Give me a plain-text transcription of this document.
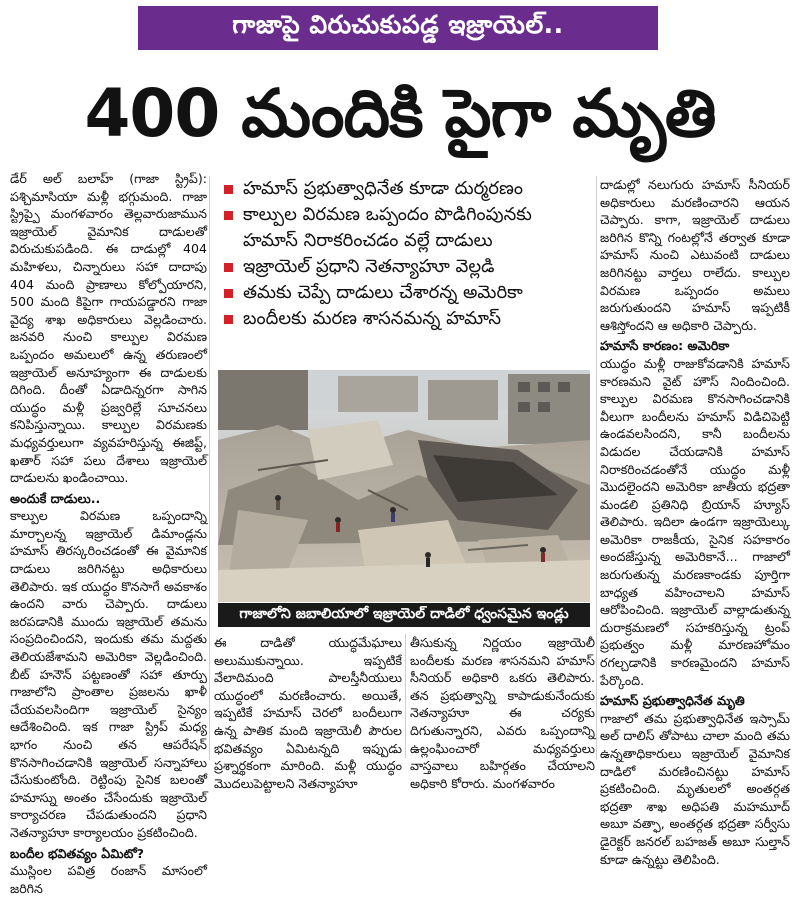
గాజాపై విరుచుకుపడ్డ ఇజ్రాయెల్..
400 మందికి పైగా మృతి

డేర్ అల్ బలాహ్ (గాజా స్ట్రిప్): పశ్చిమాసియా మళ్లీ భగ్గుమంది. గాజా స్ట్రిప్పై మంగళవారం తెల్లవారుజామున ఇజ్రాయెల్ వైమానిక దాడులతో విరుచుకుపడింది. ఈ దాడుల్లో 404 మహిళలు, చిన్నారులు సహా దాదాపు 404 మంది ప్రాణాలు కోల్పోయారని, 500 మంది కిపైగా గాయపడ్డారని గాజా వైద్య శాఖ అధికారులు వెల్లడించారు. జనవరి నుంచి కాల్పుల విరమణ ఒప్పందం అమలులో ఉన్న తరుణంలో ఇజ్రాయెల్ అనూహ్యంగా ఈ దాడులకు దిగింది. దీంతో ఏడాదిన్నరగా సాగిన యుద్ధం మళ్లీ ప్రజ్వరిల్లే సూచనలు కనిపిస్తున్నాయి. కాల్పుల విరమణకు మధ్యవర్తులుగా వ్యవహరిస్తున్న ఈజిప్ట్, ఖతార్ సహా పలు దేశాలు ఇజ్రాయెల్ దాడులను ఖండించాయి.

అందుకే దాడులు..

కాల్పుల విరమణ ఒప్పందాన్ని మార్చాలన్న ఇజ్రాయెల్ డిమాండ్లను హమాస్ తిరస్కరించడంతో ఈ వైమానిక దాడులు జరిగినట్టు అధికారులు తెలిపారు. ఇక యుద్ధం కొనసాగే అవకాశం ఉందని వారు చెప్పారు. దాడులు జరపడానికి ముందు ఇజ్రాయెల్ తమను సంప్రదించిందని, ఇందుకు తమ మద్దతు తెలియజేశామని అమెరికా వెల్లడించింది. బీట్ హనౌన్ పట్టణంతో సహా తూర్పు గాజాలోని ప్రాంతాల ప్రజలను ఖాళీ చేయవలసిందిగా ఇజ్రాయెల్ సైన్యం ఆదేశించింది. ఇక గాజా స్ట్రిప్ మధ్య భాగం నుంచి తన ఆపరేషన్ కొనసాగించడానికి ఇజ్రాయెల్ సన్నాహాలు చేసుకుంటోంది. రెట్టింపు సైనిక బలంతో హమాస్ను అంతం చేసేందుకు ఇజ్రాయెల్ కార్యాచరణ చేపడుతుందని ప్రధాని నెతన్యాహూ కార్యాలయం ప్రకటించింది.

బందీల భవితవ్యం ఏమిటో?

ముస్లింల పవిత్ర రంజాన్ మాసంలో జరిగిన

హమాస్ ప్రభుత్వాధినేత కూడా దుర్మరణం
కాల్పుల విరమణ ఒప్పందం పొడిగింపునకు
హమాస్ నిరాకరించడం వల్లే దాడులు
ఇజ్రాయెల్ ప్రధాని నెతన్యాహూ వెల్లడి
తమకు చెప్పే దాడులు చేశారన్న అమెరికా
బందీలకు మరణ శాసనమన్న హమాస్
గాజాలోని జబాలియాలో ఇజ్రాయెల్ దాడిలో ధ్వంసమైన ఇండ్లు
ఈ దాడితో యుద్ధమేఘాలు అలుముకున్నాయి. ఇప్పటికే వేలాదిమంది పాలస్తీనీయులు యుద్ధంలో మరణించారు. అయితే, ఇప్పటికే హమాస్ చెరలో బందీలుగా ఉన్న పాతిక మంది ఇజ్రాయెలీ పౌరుల భవితవ్యం ఏమిటన్నది ఇప్పుడు ప్రశ్నార్థకంగా మారింది. మళ్లీ యుద్ధం మొదలుపెట్టాలని నెతన్యాహూ
తీసుకున్న నిర్ణయం ఇజ్రాయెలీ బందీలకు మరణ శాసనమని హమాస్ సీనియర్ అధికారి ఒకరు తెలిపారు. తన ప్రభుత్వాన్ని కాపాడుకునేందుకు నెతన్యాహూ ఈ చర్యకు దిగుతున్నారని, ఎవరు ఒప్పందాన్ని ఉల్లంఘించారో మధ్యవర్తులు వాస్తవాలు బహిర్గతం చేయాలని అధికారి కోరారు. మంగళవారం

దాడుల్లో నలుగురు హమాస్ సీనియర్ అధికారులు మరణించారని ఆయన చెప్పారు. కాగా, ఇజ్రాయెల్ దాడులు జరిగిన కొన్ని గంటల్లోనే తర్వాత కూడా హమాస్ నుంచి ఎటువంటి దాడులు జరిగినట్టు వార్తలు రాలేదు. కాల్పుల విరమణ ఒప్పందం అమలు జరుగుతుందని హమాస్ ఇప్పటికీ ఆశిస్తోందని ఆ అధికారి చెప్పారు.

హమాసే కారణం: అమెరికా

యుద్ధం మళ్లీ రాజుకోవడానికి హమాస్ కారణమని వైట్ హౌస్ నిందించింది. కాల్పుల విరమణ కొనసాగించడానికి వీలుగా బందీలను హమాస్ విడిచిపెట్టి ఉండవలసిందని, కానీ బందీలను విడుదల చేయడానికి హమాస్ నిరాకరించడంతోనే యుద్ధం మళ్లీ మొదలైందని అమెరికా జాతీయ భద్రతా మండలి ప్రతినిధి బ్రియాన్ హ్యూస్ తెలిపారు. ఇదిలా ఉండగా ఇజ్రాయెల్కు అమెరికా రాజకీయ, సైనిక సహకారం అందజేస్తున్న అమెరికానే... గాజాలో జరుగుతున్న మరణకాండకు పూర్తిగా బాధ్యత వహించాలని హమాస్ ఆరోపించింది. ఇజ్రాయెల్ వాల్లాడుతున్న దురాక్రమణలో సహకరిస్తున్న ట్రంప్ ప్రభుత్వం మళ్లీ మారణహోమం రగల్చడానికి కారణమైందని హమాస్ పేర్కొంది.

హమాస్ ప్రభుత్వాధినేత మృతి

గాజాలో తమ ప్రభుత్వాధినేత ఇస్సామ్ అల్ దాలిస్ తోపాటు చాలా మంది తమ ఉన్నతాధికారులు ఇజ్రాయెల్ వైమానిక దాడిలో మరణించినట్టు హమాస్ ప్రకటించింది. మృతులలో అంతర్గత భద్రతా శాఖ అధిపతి మహమూద్ అబూ వత్ఫా, అంతర్గత భద్రతా సర్వీసు డైరెక్టర్ జనరల్ బహజత్ అబూ సుల్తాన్ కూడా ఉన్నట్టు తెలిపింది.
